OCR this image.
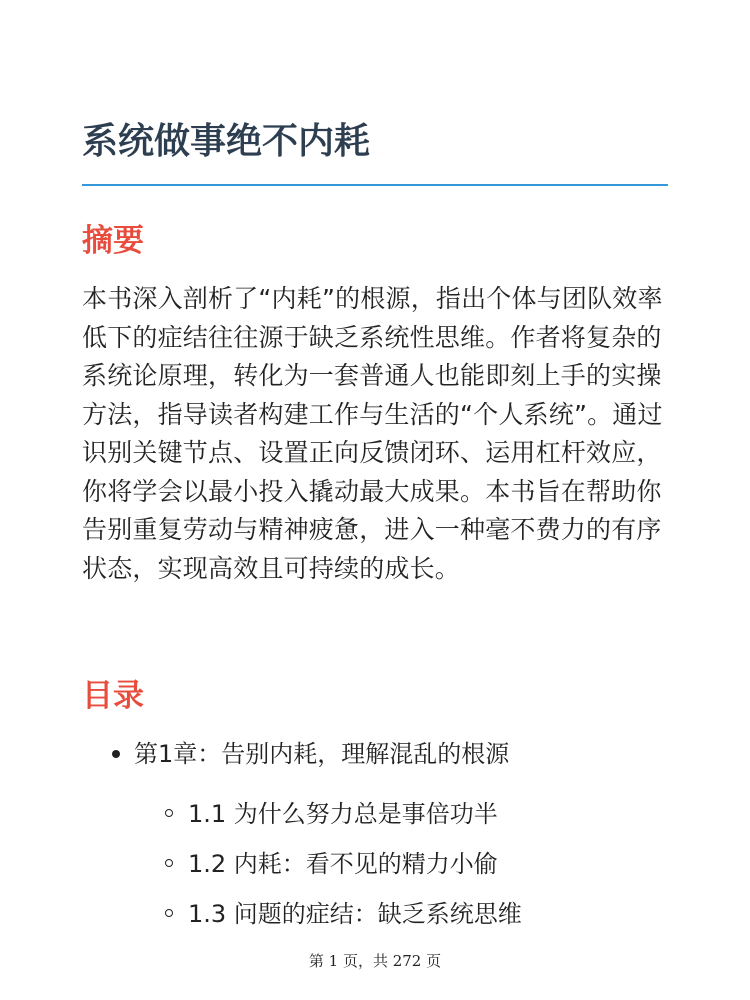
系统做事绝不内耗
摘要

本书深入剖析了“内耗”的根源，指出个体与团队效率低下的症结往往源于缺乏系统性思维。作者将复杂的系统论原理，转化为一套普通人也能即刻上手的实操方法，指导读者构建工作与生活的“个人系统”。通过识别关键节点、设置正向反馈闭环、运用杠杆效应，你将学会以最小投入撬动最大成果。本书旨在帮助你告别重复劳动与精神疲惫，进入一种毫不费力的有序状态，实现高效且可持续的成长。

目录
第1章：告别内耗，理解混乱的根源
1.1 为什么努力总是事倍功半
1.2 内耗：看不见的精力小偷
1.3 问题的症结：缺乏系统思维
第 1 页，共 272 页
